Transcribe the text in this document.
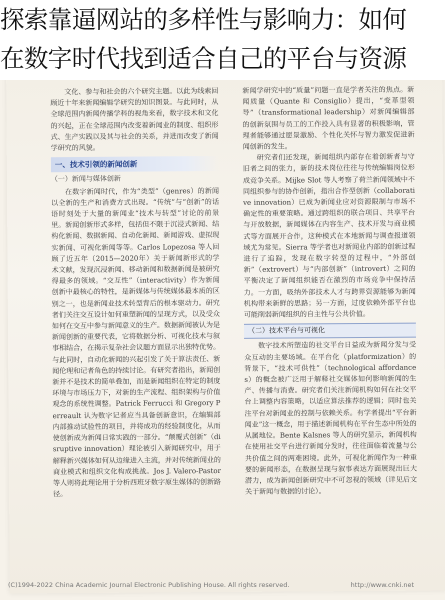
探索靠逼网站的多样性与影响力：如何
在数字时代找到适合自己的平台与资源

文化、参与和社会的六个研究主题。以此为线索回顾近十年来新闻编辑学研究的知识图景。与此同时，从全球范围内新闻传播学科的视角来看，数字技术和文化的兴起，正在全球范围内改变着新闻业的制度、组织形式、生产实践以及其与社会的关系，并进而改变了新闻学研究的风貌。

一、技术引领的新闻创新

（一）新闻与媒体创新

在数字新闻时代，作为“类型”（genres）的新闻以全新的生产和消费方式出现。“传统”与“创新”的话语时刻处于大量的新闻业“技术与转型”讨论的前景里。新闻创新形式多样，包括但不限于沉浸式新闻、结构化新闻、数据新闻、自动化新闻、新闻游戏、虚拟现实新闻、可视化新闻等等。Carlos Lopezosa 等人回顾了近五年（2015—2020年）关于新闻新形式的学术文献，发现沉浸新闻、移动新闻和数据新闻是被研究得最多的领域。“交互性”（interactivity）作为新闻创新中最核心的特性，是新媒体与传统媒体最本质的区别之一，也是新闻业技术转型背后的根本驱动力。研究者们关注交互设计如何重塑新闻的呈现方式，以及受众如何在交互中参与新闻意义的生产。数据新闻被认为是新闻创新的重要代表，它将数据分析、可视化技术与叙事相结合，在揭示复杂社会议题方面显示出独特优势。与此同时，自动化新闻的兴起引发了关于算法责任、新闻伦理和记者角色的持续讨论。有研究者指出，新闻创新并不是技术的简单叠加，而是新闻组织在特定的制度环境与市场压力下，对新的生产流程、组织架构与价值观念的系统性调整。Patrick Ferrucci 和 Gregory Perreault 认为数字记者应当具备创新意识，在编辑部内部推动试验性的项目，并将成功的经验制度化，从而使创新成为新闻日常实践的一部分。“颠覆式创新”（disruptive innovation）理论被引入新闻研究中，用于解释新兴媒体如何从边缘进入主流，并对传统新闻业的商业模式和组织文化构成挑战。Jos J. Valero-Pastor 等人则将此理论用于分析西班牙数字原生媒体的创新路径。

新闻学研究中的“质量”问题一直是学者关注的焦点。新闻质量（Quante 和 Consiglio）提出，“变革型领导”（transformational leadership）对新闻编辑部的创新氛围与员工的工作投入具有显著的积极影响，管理者能够通过愿景激励、个性化关怀与智力激发促进新闻创新的发生。

研究者们还发现，新闻组织内部存在着创新者与守旧者之间的张力，新的技术岗位往往与传统编辑岗位形成竞争关系。Mijke Slot 等人考察了荷兰新闻领域中不同组织参与的协作创新，指出合作型创新（collaborative innovation）已成为新闻业应对资源限制与市场不确定性的重要策略。通过跨组织的联合项目、共享平台与开放数据，新闻媒体在内容生产、技术开发与商业模式等方面展开合作，这种模式在本地新闻与调查报道领域尤为常见。Sierra 等学者也对新闻业内部的创新过程进行了追踪，发现在数字转型的过程中，“外部创新”（extrovert）与“内部创新”（introvert）之间的平衡决定了新闻组织能否在激烈的市场竞争中保持活力。一方面，吸纳外部技术人才与跨界资源能够为新闻机构带来新鲜的思路；另一方面，过度依赖外部平台也可能削弱新闻组织的自主性与公共价值。

（二）技术平台与可视化

数字技术所塑造的社交平台日益成为新闻分发与受众互动的主要场域。在平台化（platformization）的背景下，“技术可供性”（technological affordances）的概念被广泛用于解释社交媒体如何影响新闻的生产、传播与消费。研究者们关注新闻机构如何在社交平台上调整内容策略，以适应算法推荐的逻辑；同时也关注平台对新闻业的控制与依赖关系。有学者提出“平台新闻业”这一概念，用于描述新闻机构在平台生态中所处的从属地位。Bente Kalsnes 等人的研究显示，新闻机构在使用社交平台进行新闻分发时，往往面临着流量与公共价值之间的两难困境。此外，可视化新闻作为一种重要的新闻形态，在数据呈现与叙事表达方面展现出巨大潜力，成为新闻创新研究中不可忽视的领域（详见后文关于新闻与数据的讨论）。

(C)1994-2022 China Academic Journal Electronic Publishing House. All rights reserved.	http://www.cnki.net
